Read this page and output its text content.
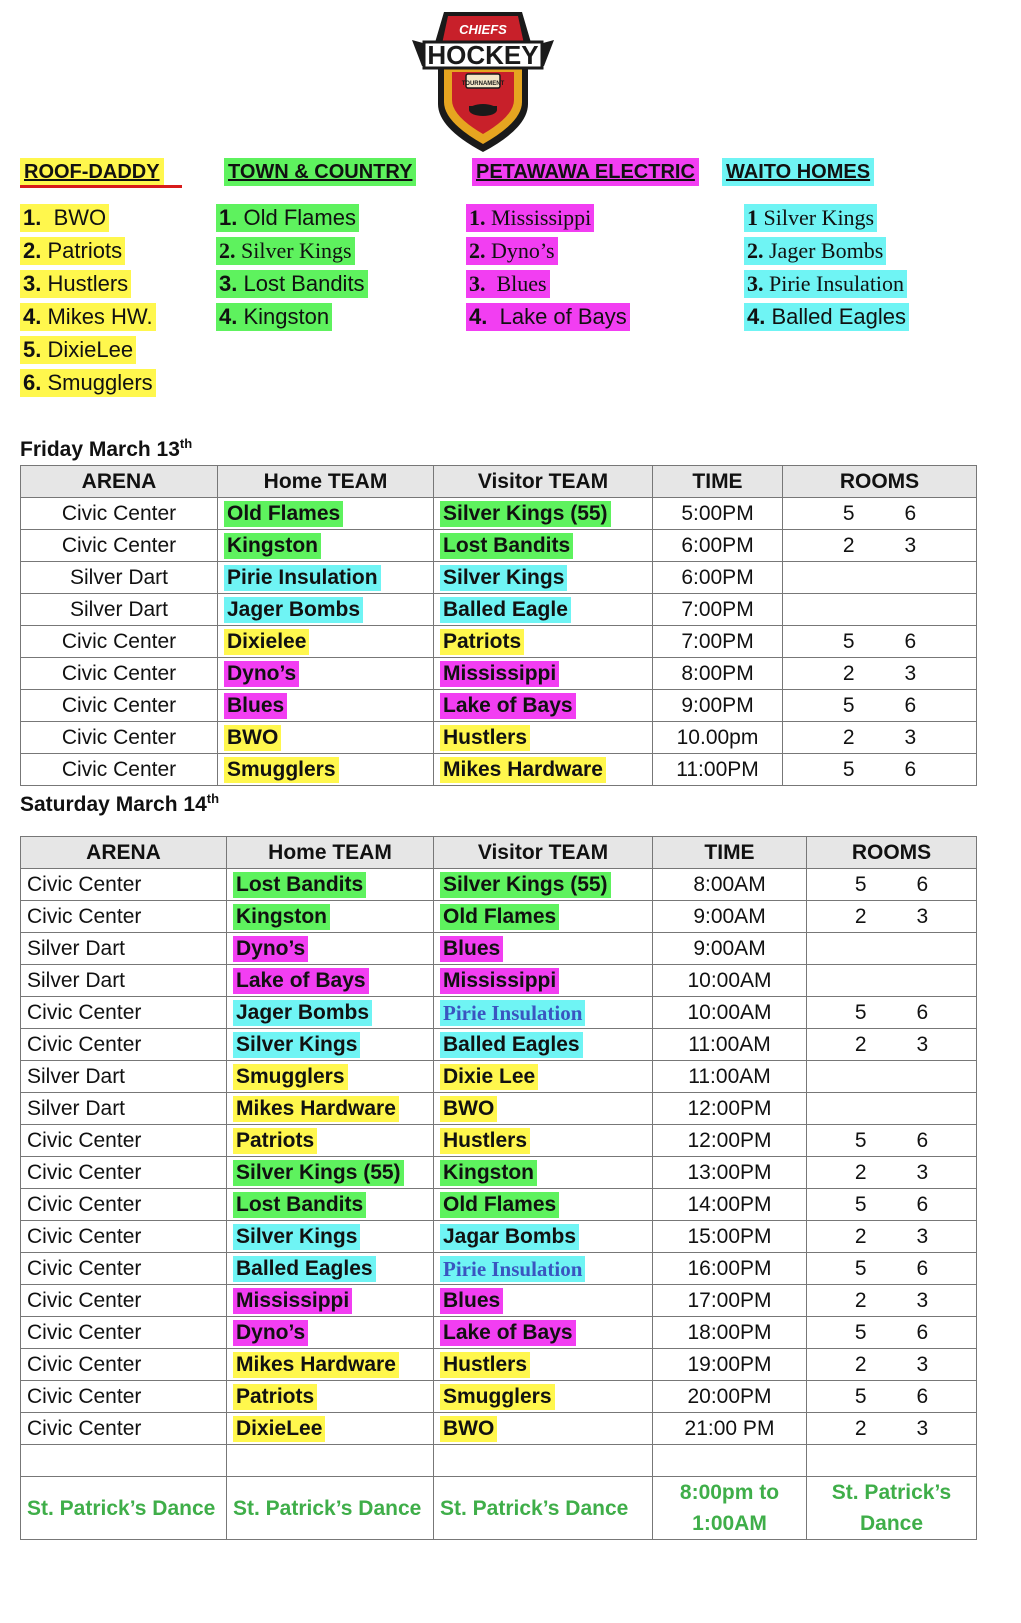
CHIEFS
HOCKEY
TOURNAMENT
ROOF-DADDY	TOWN & COUNTRY	PETAWAWA ELECTRIC WAITO HOMES
1. BWO
2. Patriots
3. Hustlers
4. Mikes HW.
5. DixieLee
6. Smugglers
1. Old Flames
2. Silver Kings
3. Lost Bandits
4. Kingston
1. Mississippi
2. Dyno’s
3. Blues
4. Lake of Bays
1 Silver Kings
2. Jager Bombs
3. Pirie Insulation
4. Balled Eagles
Friday March 13th
ARENA	Home TEAM	Visitor TEAM	TIME	ROOMS
Civic Center	Old Flames	Silver Kings (55)	5:00PM	5 6

Civic Center	Kingston	Lost Bandits	6:00PM	2 3

Silver Dart	Pirie Insulation	Silver Kings	6:00PM	

Silver Dart	Jager Bombs	Balled Eagle	7:00PM	

Civic Center	Dixielee	Patriots	7:00PM	5 6

Civic Center	Dyno’s	Mississippi	8:00PM	2 3

Civic Center	Blues	Lake of Bays	9:00PM	5 6

Civic Center	BWO	Hustlers	10.00pm	2 3

Civic Center	Smugglers	Mikes Hardware	11:00PM	5 6
Saturday March 14th
ARENA	Home TEAM	Visitor TEAM	TIME	ROOMS
Civic Center	Lost Bandits	Silver Kings (55)	8:00AM	5 6

Civic Center	Kingston	Old Flames	9:00AM	2 3

Silver Dart	Dyno’s	Blues	9:00AM	

Silver Dart	Lake of Bays	Mississippi	10:00AM	

Civic Center	Jager Bombs	Pirie Insulation	10:00AM	5 6

Civic Center	Silver Kings	Balled Eagles	11:00AM	2 3

Silver Dart	Smugglers	Dixie Lee	11:00AM	

Silver Dart	Mikes Hardware	BWO	12:00PM	

Civic Center	Patriots	Hustlers	12:00PM	5 6

Civic Center	Silver Kings (55)	Kingston	13:00PM	2 3

Civic Center	Lost Bandits	Old Flames	14:00PM	5 6

Civic Center	Silver Kings	Jagar Bombs	15:00PM	2 3

Civic Center	Balled Eagles	Pirie Insulation	16:00PM	5 6

Civic Center	Mississippi	Blues	17:00PM	2 3

Civic Center	Dyno’s	Lake of Bays	18:00PM	5 6

Civic Center	Mikes Hardware	Hustlers	19:00PM	2 3

Civic Center	Patriots	Smugglers	20:00PM	5 6

Civic Center	DixieLee	BWO	21:00 PM	2 3

St. Patrick’s Dance	St. Patrick’s Dance	St. Patrick’s Dance	8:00pm to 1:00AM	St. Patrick’s Dance
